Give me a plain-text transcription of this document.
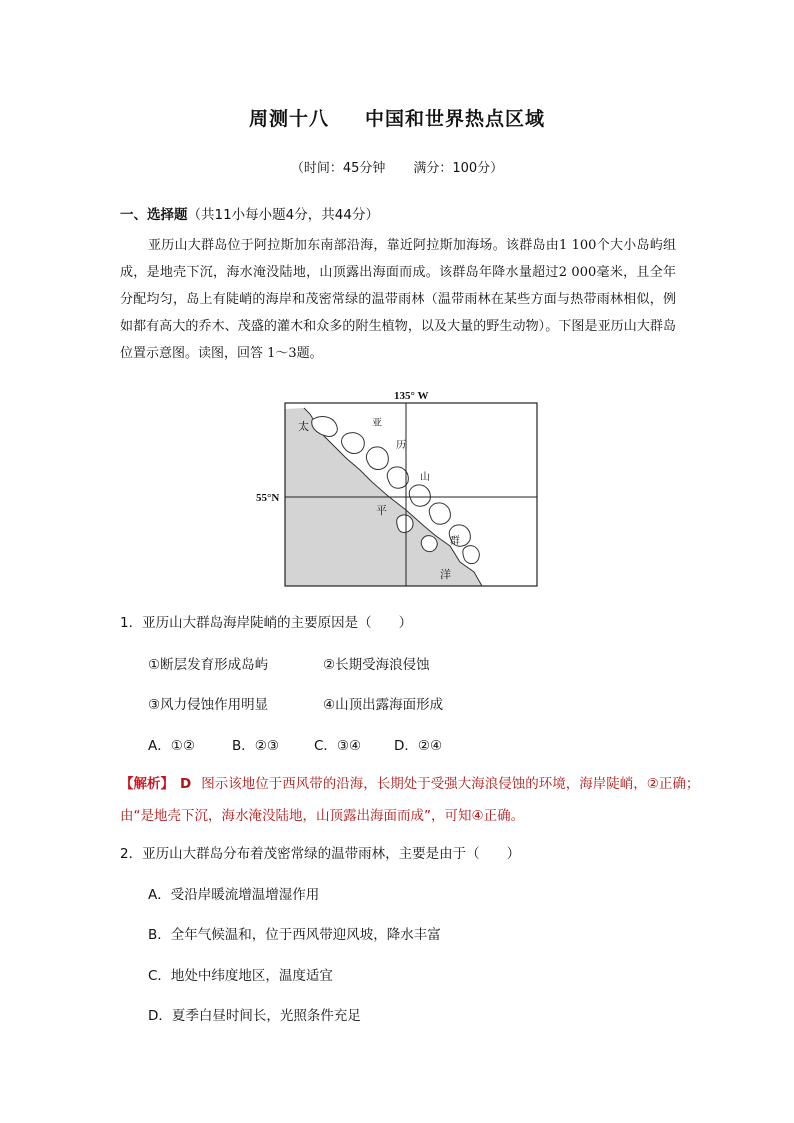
周测十八 中国和世界热点区域
（时间：45分钟 满分：100分）
一、选择题（共11小每小题4分，共44分）
亚历山大群岛位于阿拉斯加东南部沿海，靠近阿拉斯加海场。该群岛由1 100个大小岛屿组成，是地壳下沉，海水淹没陆地，山顶露出海面而成。该群岛年降水量超过2 000毫米，且全年分配均匀，岛上有陡峭的海岸和茂密常绿的温带雨林（温带雨林在某些方面与热带雨林相似，例如都有高大的乔木、茂盛的灌木和众多的附生植物，以及大量的野生动物）。下图是亚历山大群岛位置示意图。读图，回答 1～3题。
135° W
55°N
太
平
洋
亚
历
山
群
1．亚历山大群岛海岸陡峭的主要原因是（　　）
①断层发育形成岛屿	②长期受海浪侵蚀
③风力侵蚀作用明显	④山顶出露海面形成
A．①②	B．②③	C．③④ D．②④
【解析】 D 图示该地位于西风带的沿海，长期处于受强大海浪侵蚀的环境，海岸陡峭，②正确；由“是地壳下沉，海水淹没陆地，山顶露出海面而成”，可知④正确。
2．亚历山大群岛分布着茂密常绿的温带雨林，主要是由于（　　）
A．受沿岸暖流增温增湿作用
B．全年气候温和，位于西风带迎风坡，降水丰富
C．地处中纬度地区，温度适宜
D．夏季白昼时间长，光照条件充足
